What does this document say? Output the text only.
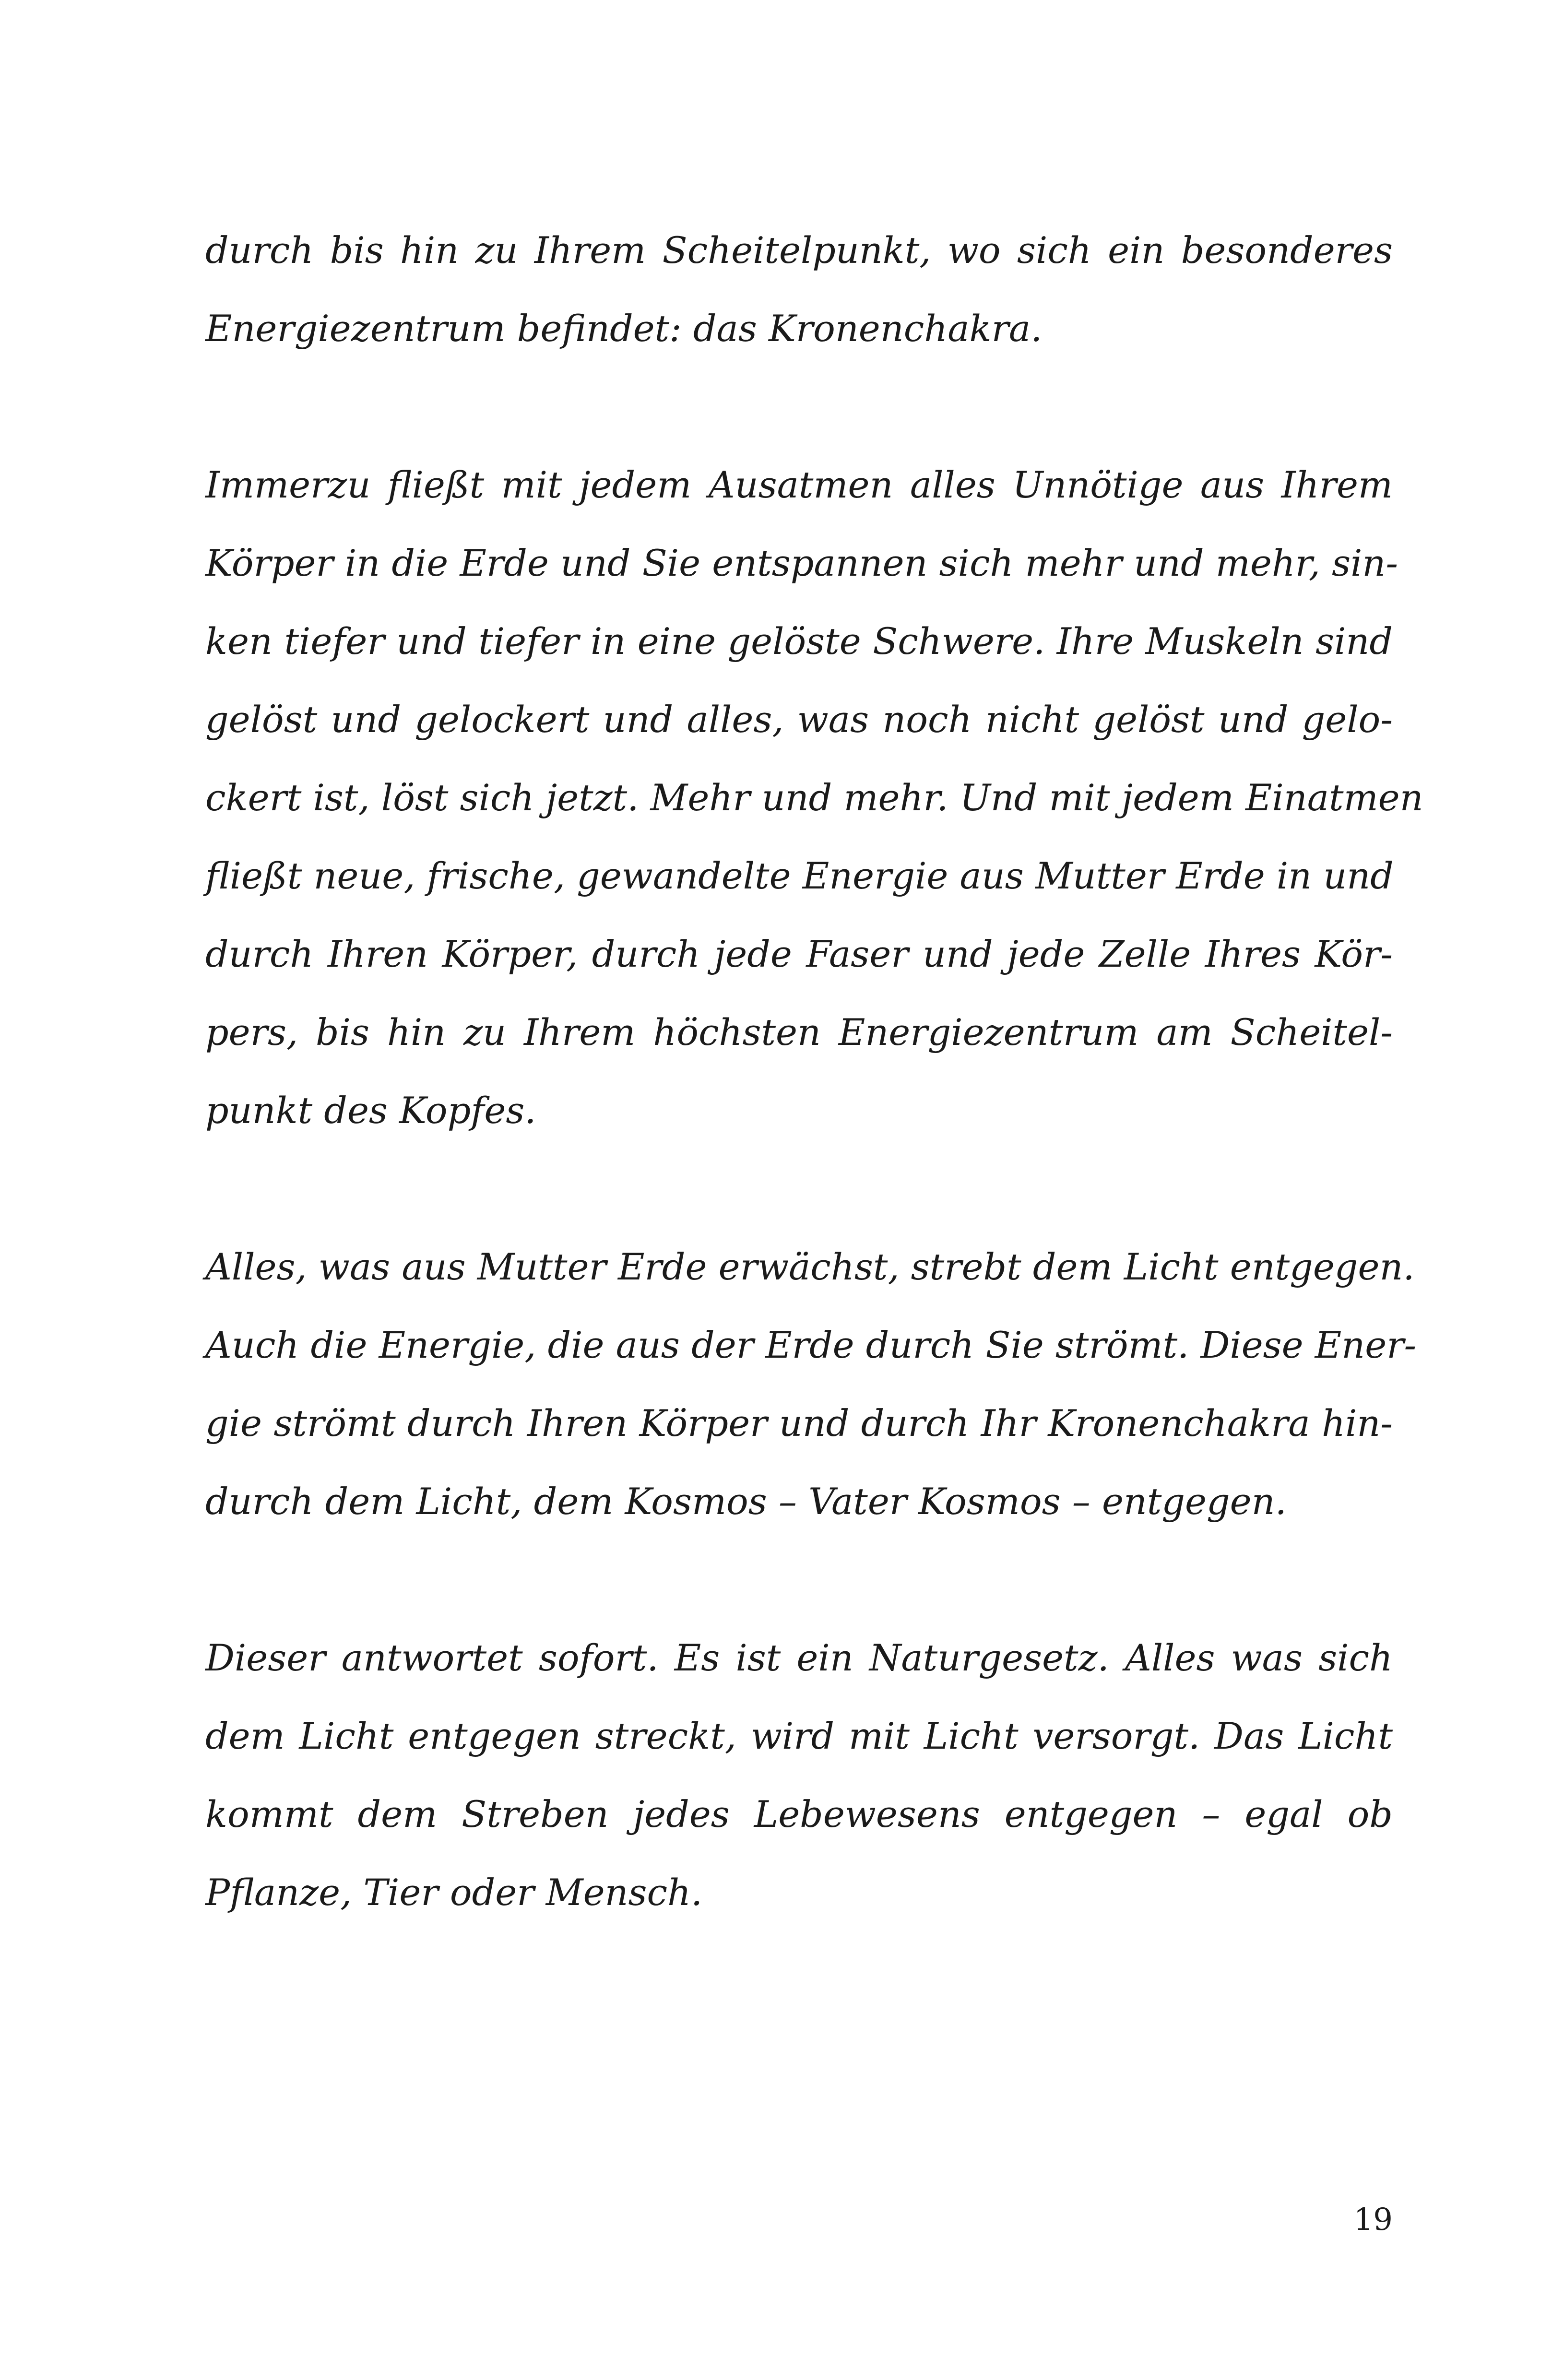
durch bis hin zu Ihrem Scheitelpunkt, wo sich ein besonderes
Energiezentrum befindet: das Kronenchakra.

Immerzu fließt mit jedem Ausatmen alles Unnötige aus Ihrem
Körper in die Erde und Sie entspannen sich mehr und mehr, sin-
ken tiefer und tiefer in eine gelöste Schwere. Ihre Muskeln sind
gelöst und gelockert und alles, was noch nicht gelöst und gelo-
ckert ist, löst sich jetzt. Mehr und mehr. Und mit jedem Einatmen
fließt neue, frische, gewandelte Energie aus Mutter Erde in und
durch Ihren Körper, durch jede Faser und jede Zelle Ihres Kör-
pers, bis hin zu Ihrem höchsten Energiezentrum am Scheitel-
punkt des Kopfes.

Alles, was aus Mutter Erde erwächst, strebt dem Licht entgegen.
Auch die Energie, die aus der Erde durch Sie strömt. Diese Ener-
gie strömt durch Ihren Körper und durch Ihr Kronenchakra hin-
durch dem Licht, dem Kosmos – Vater Kosmos – entgegen.

Dieser antwortet sofort. Es ist ein Naturgesetz. Alles was sich
dem Licht entgegen streckt, wird mit Licht versorgt. Das Licht
kommt dem Streben jedes Lebewesens entgegen – egal ob
Pflanze, Tier oder Mensch.

19
